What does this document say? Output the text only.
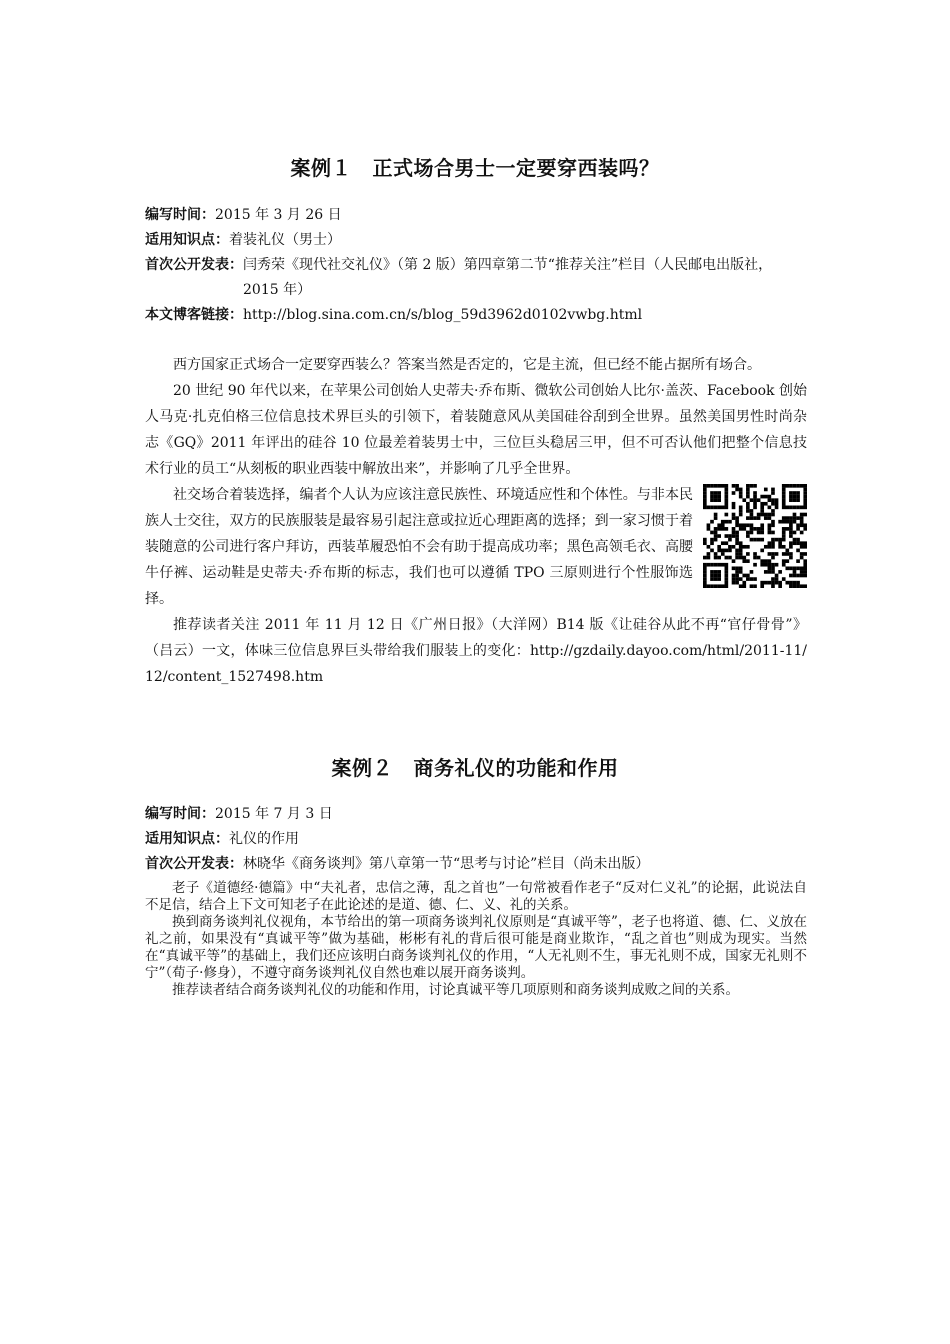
案例１　正式场合男士一定要穿西装吗？
编写时间： 2015 年 3 月 26 日
适用知识点： 着装礼仪（男士）
首次公开发表： 闫秀荣《现代社交礼仪》（第 2 版）第四章第二节“推荐关注”栏目（人民邮电出版社，2015 年）
本文博客链接： http://blog.sina.com.cn/s/blog_59d3962d0102vwbg.html

西方国家正式场合一定要穿西装么？答案当然是否定的，它是主流，但已经不能占据所有场合。

20 世纪 90 年代以来，在苹果公司创始人史蒂夫·乔布斯、微软公司创始人比尔·盖茨、Facebook 创始人马克·扎克伯格三位信息技术界巨头的引领下，着装随意风从美国硅谷刮到全世界。虽然美国男性时尚杂志《GQ》2011 年评出的硅谷 10 位最差着装男士中，三位巨头稳居三甲，但不可否认他们把整个信息技术行业的员工“从刻板的职业西装中解放出来”，并影响了几乎全世界。

社交场合着装选择，编者个人认为应该注意民族性、环境适应性和个体性。与非本民族人士交往，双方的民族服装是最容易引起注意或拉近心理距离的选择；到一家习惯于着装随意的公司进行客户拜访，西装革履恐怕不会有助于提高成功率；黑色高领毛衣、高腰牛仔裤、运动鞋是史蒂夫·乔布斯的标志，我们也可以遵循 TPO 三原则进行个性服饰选择。

推荐读者关注 2011 年 11 月 12 日《广州日报》（大洋网）B14 版《让硅谷从此不再“官仔骨骨”》（吕云）一文，体味三位信息界巨头带给我们服装上的变化：http://gzdaily.dayoo.com/html/2011-11/12/content_1527498.htm

案例２　商务礼仪的功能和作用
编写时间： 2015 年 7 月 3 日
适用知识点： 礼仪的作用
首次公开发表： 林晓华《商务谈判》第八章第一节“思考与讨论”栏目（尚未出版）

老子《道德经·德篇》中“夫礼者，忠信之薄，乱之首也”一句常被看作老子“反对仁义礼”的论据，此说法自不足信，结合上下文可知老子在此论述的是道、德、仁、义、礼的关系。

换到商务谈判礼仪视角，本节给出的第一项商务谈判礼仪原则是“真诚平等”，老子也将道、德、仁、义放在礼之前，如果没有“真诚平等”做为基础，彬彬有礼的背后很可能是商业欺诈，“乱之首也”则成为现实。当然在“真诚平等”的基础上，我们还应该明白商务谈判礼仪的作用，“人无礼则不生，事无礼则不成，国家无礼则不宁”（荀子·修身），不遵守商务谈判礼仪自然也难以展开商务谈判。

推荐读者结合商务谈判礼仪的功能和作用，讨论真诚平等几项原则和商务谈判成败之间的关系。
